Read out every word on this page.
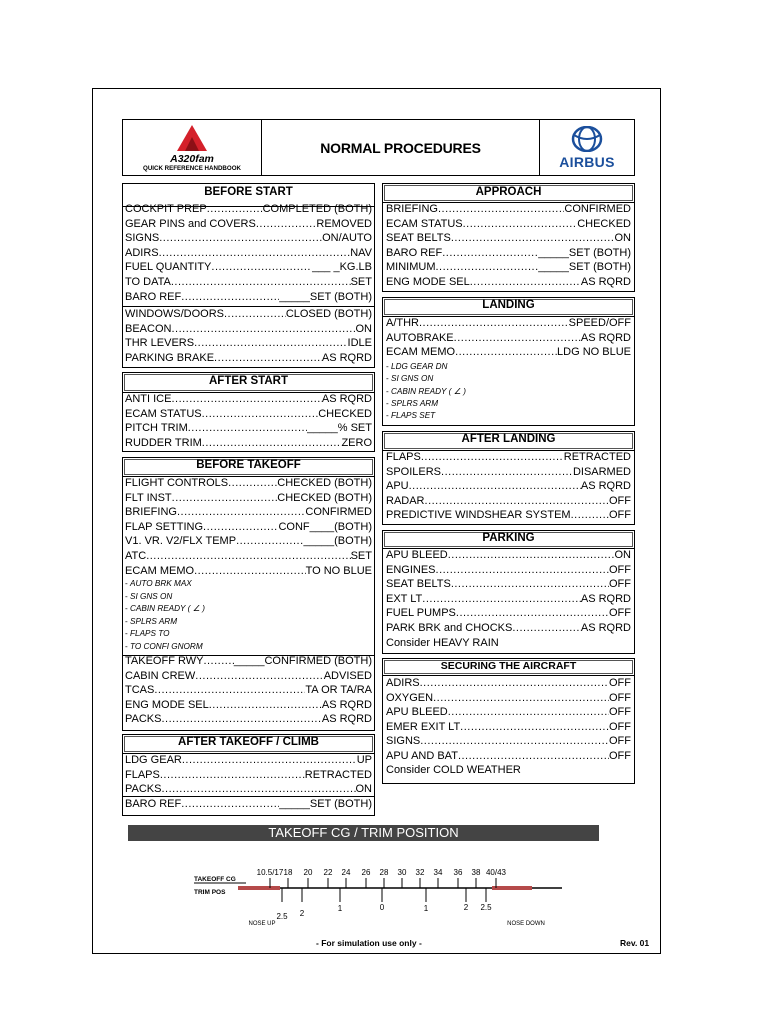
A320fam
QUICK REFERENCE HANDBOOK
NORMAL PROCEDURES
AIRBUS
BEFORE START
AFTER START
BEFORE TAKEOFF
AFTER TAKEOFF / CLIMB
APPROACH
LANDING
AFTER LANDING
PARKING
SECURING THE AIRCRAFT
COCKPIT PREP .....	COMPLETED (BOTH)
GEAR PINS and COVERS .....	REMOVED
SIGNS .....	ON/AUTO
ADIRS .....	NAV
FUEL QUANTITY .....	___ _KG.LB
TO DATA .....	SET
BARO REF .....	_____SET (BOTH)
WINDOWS/DOORS .....	CLOSED (BOTH)
BEACON .....	ON
THR LEVERS .....	IDLE
PARKING BRAKE .....	AS RQRD
ANTI ICE .....	AS RQRD
ECAM STATUS .....	CHECKED
PITCH TRIM .....	_____% SET
RUDDER TRIM .....	ZERO
FLIGHT CONTROLS .....	CHECKED (BOTH)
FLT INST .....	CHECKED (BOTH)
BRIEFING .....	CONFIRMED
FLAP SETTING .....	CONF____(BOTH)
V1. VR. V2/FLX TEMP .....	_____(BOTH)
ATC .....	SET
ECAM MEMO .....	TO NO BLUE
- AUTO BRK MAX
- SI GNS ON
- CABIN READY ( ∠ )
- SPLRS ARM
- FLAPS TO
- TO CONFI GNORM
TAKEOFF RWY .....	_____CONFIRMED (BOTH)
CABIN CREW .....	ADVISED
TCAS .....	TA OR TA/RA
ENG MODE SEL .....	AS RQRD
PACKS .....	AS RQRD
LDG GEAR .....	UP
FLAPS .....	RETRACTED
PACKS .....	ON
BARO REF .....	_____SET (BOTH)
BRIEFING .....	CONFIRMED
ECAM STATUS .....	CHECKED
SEAT BELTS .....	ON
BARO REF .....	_____SET (BOTH)
MINIMUM .....	_____SET (BOTH)
ENG MODE SEL .....	AS RQRD
A/THR .....	SPEED/OFF
AUTOBRAKE .....	AS RQRD
ECAM MEMO .....	LDG NO BLUE
- LDG GEAR DN
- SI GNS ON
- CABIN READY ( ∠ )
- SPLRS ARM
- FLAPS SET
FLAPS .....	RETRACTED
SPOILERS .....	DISARMED
APU .....	AS RQRD
RADAR .....	OFF
PREDICTIVE WINDSHEAR SYSTEM .....	OFF
APU BLEED .....	ON
ENGINES .....	OFF
SEAT BELTS .....	OFF
EXT LT .....	AS RQRD
FUEL PUMPS .....	OFF
PARK BRK and CHOCKS .....	AS RQRD
Consider HEAVY RAIN
ADIRS .....	OFF
OXYGEN .....	OFF
APU BLEED .....	OFF
EMER EXIT LT .....	OFF
SIGNS .....	OFF
APU AND BAT .....	OFF
Consider COLD WEATHER
TAKEOFF CG / TRIM POSITION
TAKEOFF CG
TRIM POS
10.5/17 18 20 22 24 26 28 30 32 34 36 38 40/43
2.5 2
1	0	1	2 2.5
NOSE UP	NOSE DOWN
- For simulation use only -	Rev. 01
